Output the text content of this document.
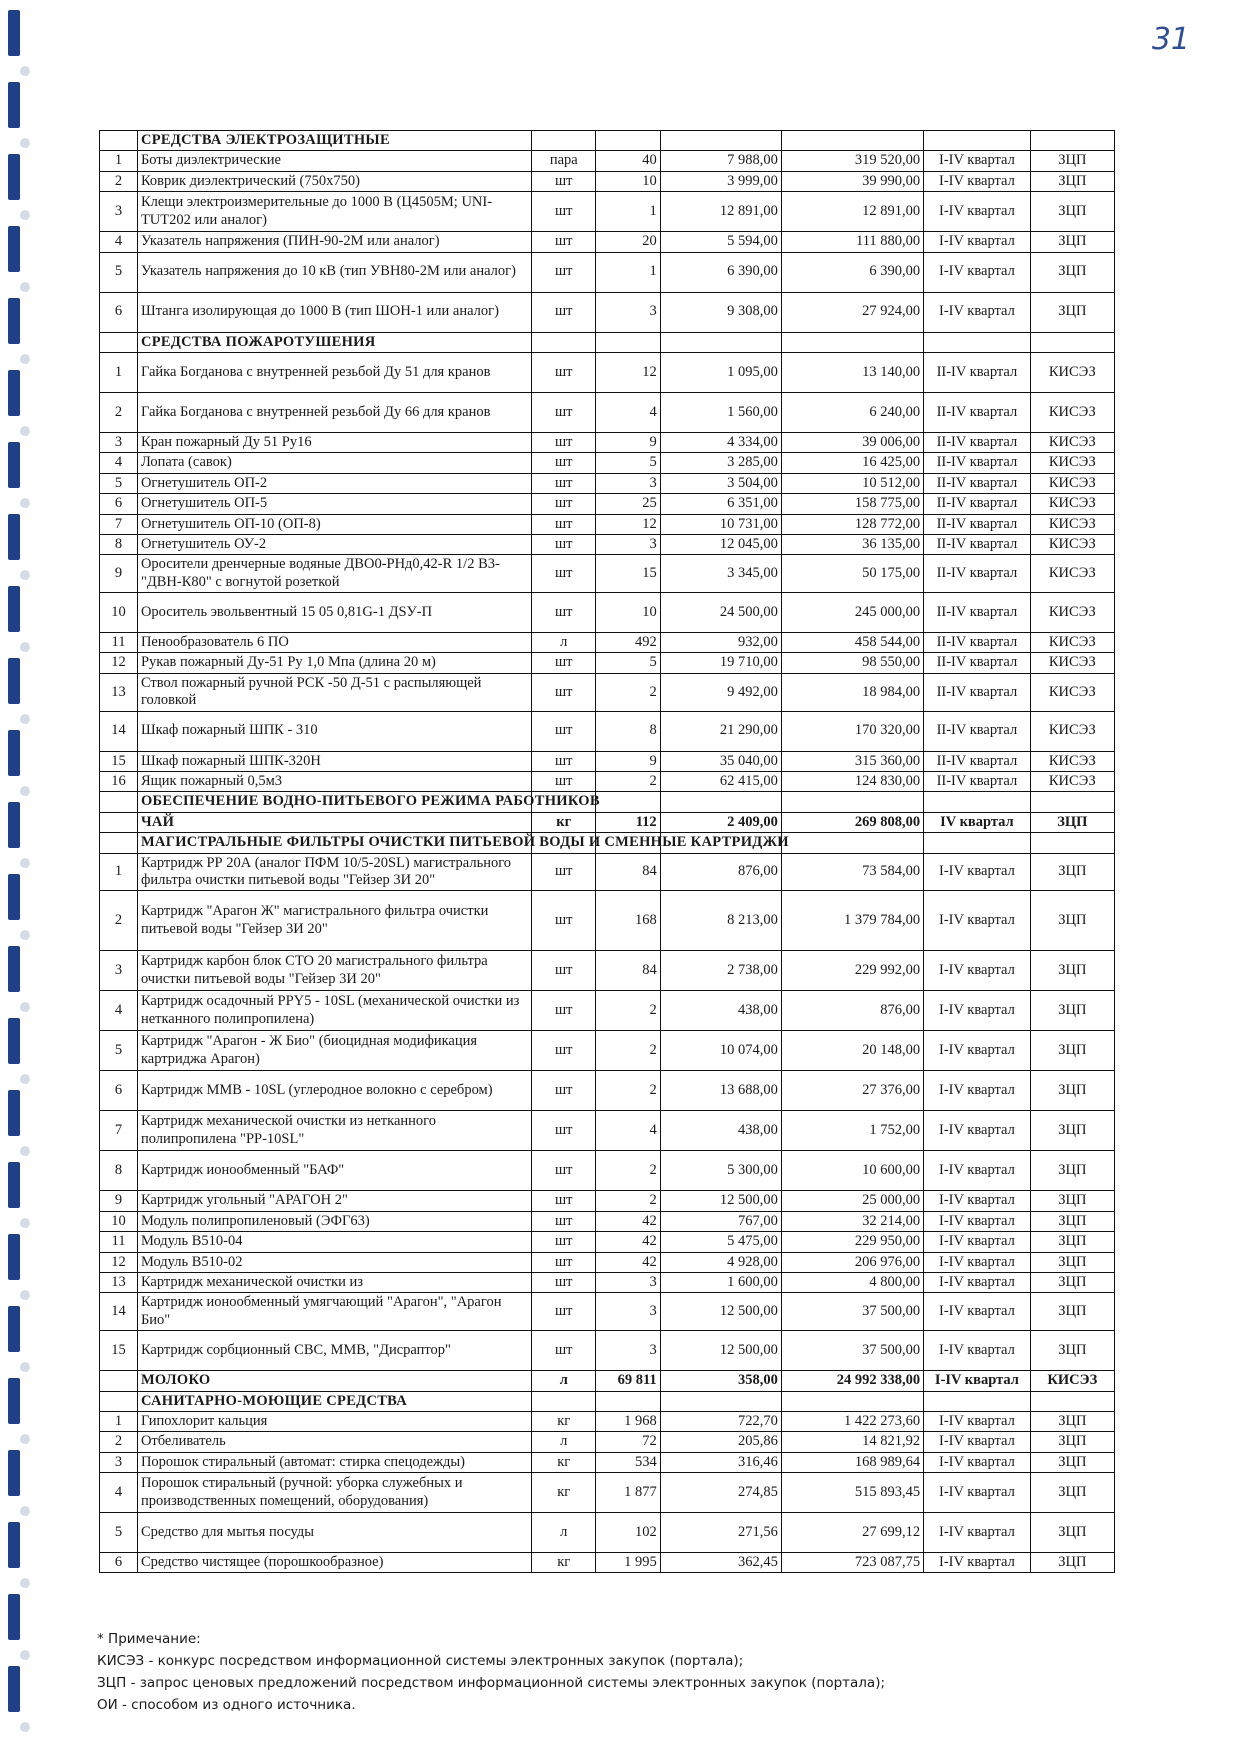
31
	СРЕДСТВА ЭЛЕКТРОЗАЩИТНЫЕ						
1	Боты диэлектрические	пара	40	7 988,00	319 520,00	I-IV квартал	ЗЦП
2	Коврик диэлектрический (750х750)	шт	10	3 999,00	39 990,00	I-IV квартал	ЗЦП
3	Клещи электроизмерительные до 1000 В (Ц4505М; UNI-TUT202 или аналог)	шт	1	12 891,00	12 891,00	I-IV квартал	ЗЦП
4	Указатель напряжения (ПИН-90-2М или аналог)	шт	20	5 594,00	111 880,00	I-IV квартал	ЗЦП
5	Указатель напряжения до 10 кВ (тип УВН80-2М или аналог)	шт	1	6 390,00	6 390,00	I-IV квартал	ЗЦП
6	Штанга изолирующая до 1000 В (тип ШОН-1 или аналог)	шт	3	9 308,00	27 924,00	I-IV квартал	ЗЦП
	СРЕДСТВА ПОЖАРОТУШЕНИЯ						
1	Гайка Богданова с внутренней резьбой Ду 51 для кранов	шт	12	1 095,00	13 140,00	II-IV квартал	КИСЭЗ
2	Гайка Богданова с внутренней резьбой Ду 66 для кранов	шт	4	1 560,00	6 240,00	II-IV квартал	КИСЭЗ
3	Кран пожарный Ду 51 Ру16	шт	9	4 334,00	39 006,00	II-IV квартал	КИСЭЗ
4	Лопата (савок)	шт	5	3 285,00	16 425,00	II-IV квартал	КИСЭЗ
5	Огнетушитель ОП-2	шт	3	3 504,00	10 512,00	II-IV квартал	КИСЭЗ
6	Огнетушитель ОП-5	шт	25	6 351,00	158 775,00	II-IV квартал	КИСЭЗ
7	Огнетушитель ОП-10 (ОП-8)	шт	12	10 731,00	128 772,00	II-IV квартал	КИСЭЗ
8	Огнетушитель ОУ-2	шт	3	12 045,00	36 135,00	II-IV квартал	КИСЭЗ
9	Оросители дренчерные водяные ДВО0-РНд0,42-R 1/2 В3-"ДВН-К80" с вогнутой розеткой	шт	15	3 345,00	50 175,00	II-IV квартал	КИСЭЗ
10	Ороситель эвольвентный 15 05 0,81G-1 ДSУ-П	шт	10	24 500,00	245 000,00	II-IV квартал	КИСЭЗ
11	Пенообразователь 6 ПО	л	492	932,00	458 544,00	II-IV квартал	КИСЭЗ
12	Рукав пожарный Ду-51 Ру 1,0 Мпа (длина 20 м)	шт	5	19 710,00	98 550,00	II-IV квартал	КИСЭЗ
13	Ствол пожарный ручной РСК -50 Д-51 с распыляющей головкой	шт	2	9 492,00	18 984,00	II-IV квартал	КИСЭЗ
14	Шкаф пожарный ШПК - 310	шт	8	21 290,00	170 320,00	II-IV квартал	КИСЭЗ
15	Шкаф пожарный ШПК-320Н	шт	9	35 040,00	315 360,00	II-IV квартал	КИСЭЗ
16	Ящик пожарный 0,5м3	шт	2	62 415,00	124 830,00	II-IV квартал	КИСЭЗ
	ОБЕСПЕЧЕНИЕ ВОДНО-ПИТЬЕВОГО РЕЖИМА РАБОТНИКОВ						
	ЧАЙ	кг	112	2 409,00	269 808,00	IV квартал	ЗЦП
	МАГИСТРАЛЬНЫЕ ФИЛЬТРЫ ОЧИСТКИ ПИТЬЕВОЙ ВОДЫ И СМЕННЫЕ КАРТРИДЖИ						
1	Картридж РР 20А (аналог ПФМ 10/5-20SL) магистрального фильтра очистки питьевой воды "Гейзер 3И 20"	шт	84	876,00	73 584,00	I-IV квартал	ЗЦП
2	Картридж "Арагон Ж" магистрального фильтра очистки питьевой воды "Гейзер 3И 20"	шт	168	8 213,00	1 379 784,00	I-IV квартал	ЗЦП
3	Картридж карбон блок СТО 20 магистрального фильтра очистки питьевой воды "Гейзер 3И 20"	шт	84	2 738,00	229 992,00	I-IV квартал	ЗЦП
4	Картридж осадочный PPY5 - 10SL (механической очистки из нетканного полипропилена)	шт	2	438,00	876,00	I-IV квартал	ЗЦП
5	Картридж "Арагон - Ж Био" (биоцидная модификация картриджа Арагон)	шт	2	10 074,00	20 148,00	I-IV квартал	ЗЦП
6	Картридж ММВ - 10SL (углеродное волокно с серебром)	шт	2	13 688,00	27 376,00	I-IV квартал	ЗЦП
7	Картридж механической очистки из нетканного полипропилена "РР-10SL"	шт	4	438,00	1 752,00	I-IV квартал	ЗЦП
8	Картридж ионообменный "БАФ"	шт	2	5 300,00	10 600,00	I-IV квартал	ЗЦП
9	Картридж угольный "АРАГОН 2"	шт	2	12 500,00	25 000,00	I-IV квартал	ЗЦП
10	Модуль полипропиленовый (ЭФГ63)	шт	42	767,00	32 214,00	I-IV квартал	ЗЦП
11	Модуль В510-04	шт	42	5 475,00	229 950,00	I-IV квартал	ЗЦП
12	Модуль В510-02	шт	42	4 928,00	206 976,00	I-IV квартал	ЗЦП
13	Картридж механической очистки из	шт	3	1 600,00	4 800,00	I-IV квартал	ЗЦП
14	Картридж ионообменный умягчающий "Арагон", "Арагон Био"	шт	3	12 500,00	37 500,00	I-IV квартал	ЗЦП
15	Картридж сорбционный СВС, ММВ, "Дисраптор"	шт	3	12 500,00	37 500,00	I-IV квартал	ЗЦП
	МОЛОКО	л	69 811	358,00	24 992 338,00	I-IV квартал	КИСЭЗ
	САНИТАРНО-МОЮЩИЕ СРЕДСТВА						
1	Гипохлорит кальция	кг	1 968	722,70	1 422 273,60	I-IV квартал	ЗЦП
2	Отбеливатель	л	72	205,86	14 821,92	I-IV квартал	ЗЦП
3	Порошок стиральный (автомат: стирка спецодежды)	кг	534	316,46	168 989,64	I-IV квартал	ЗЦП
4	Порошок стиральный (ручной: уборка служебных и производственных помещений, оборудования)	кг	1 877	274,85	515 893,45	I-IV квартал	ЗЦП
5	Средство для мытья посуды	л	102	271,56	27 699,12	I-IV квартал	ЗЦП
6	Средство чистящее (порошкообразное)	кг	1 995	362,45	723 087,75	I-IV квартал	ЗЦП
* Примечание:
КИСЭЗ - конкурс посредством информационной системы электронных закупок (портала);
ЗЦП - запрос ценовых предложений посредством информационной системы электронных закупок (портала);
ОИ - способом из одного источника.
